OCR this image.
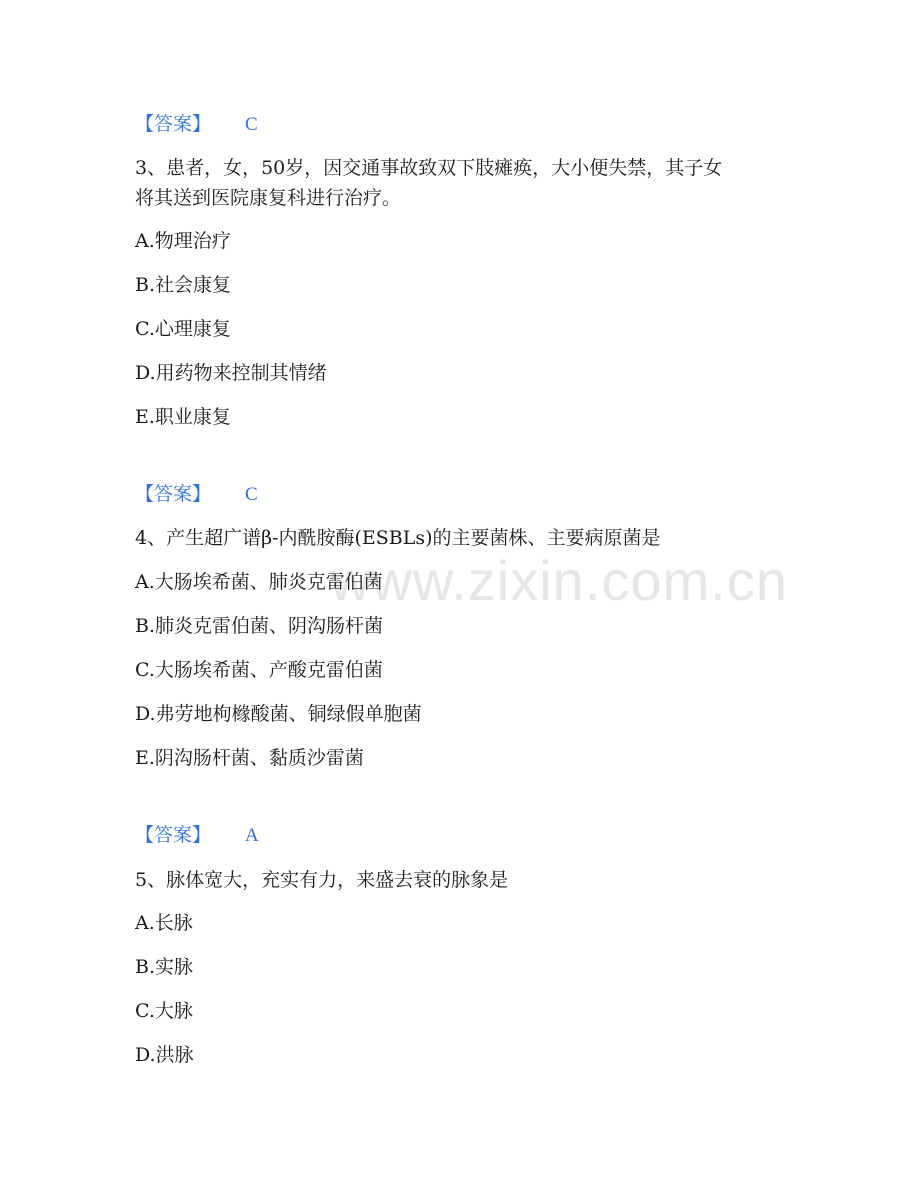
www.zixin.com.cn
【答案】 C
3、患者，女，50岁，因交通事故致双下肢瘫痪，大小便失禁，其子女
将其送到医院康复科进行治疗。
A.物理治疗
B.社会康复
C.心理康复
D.用药物来控制其情绪
E.职业康复
【答案】 C
4、产生超广谱β-内酰胺酶(ESBLs)的主要菌株、主要病原菌是
A.大肠埃希菌、肺炎克雷伯菌
B.肺炎克雷伯菌、阴沟肠杆菌
C.大肠埃希菌、产酸克雷伯菌
D.弗劳地枸橼酸菌、铜绿假单胞菌
E.阴沟肠杆菌、黏质沙雷菌
【答案】 A
5、脉体宽大，充实有力，来盛去衰的脉象是
A.长脉
B.实脉
C.大脉
D.洪脉
